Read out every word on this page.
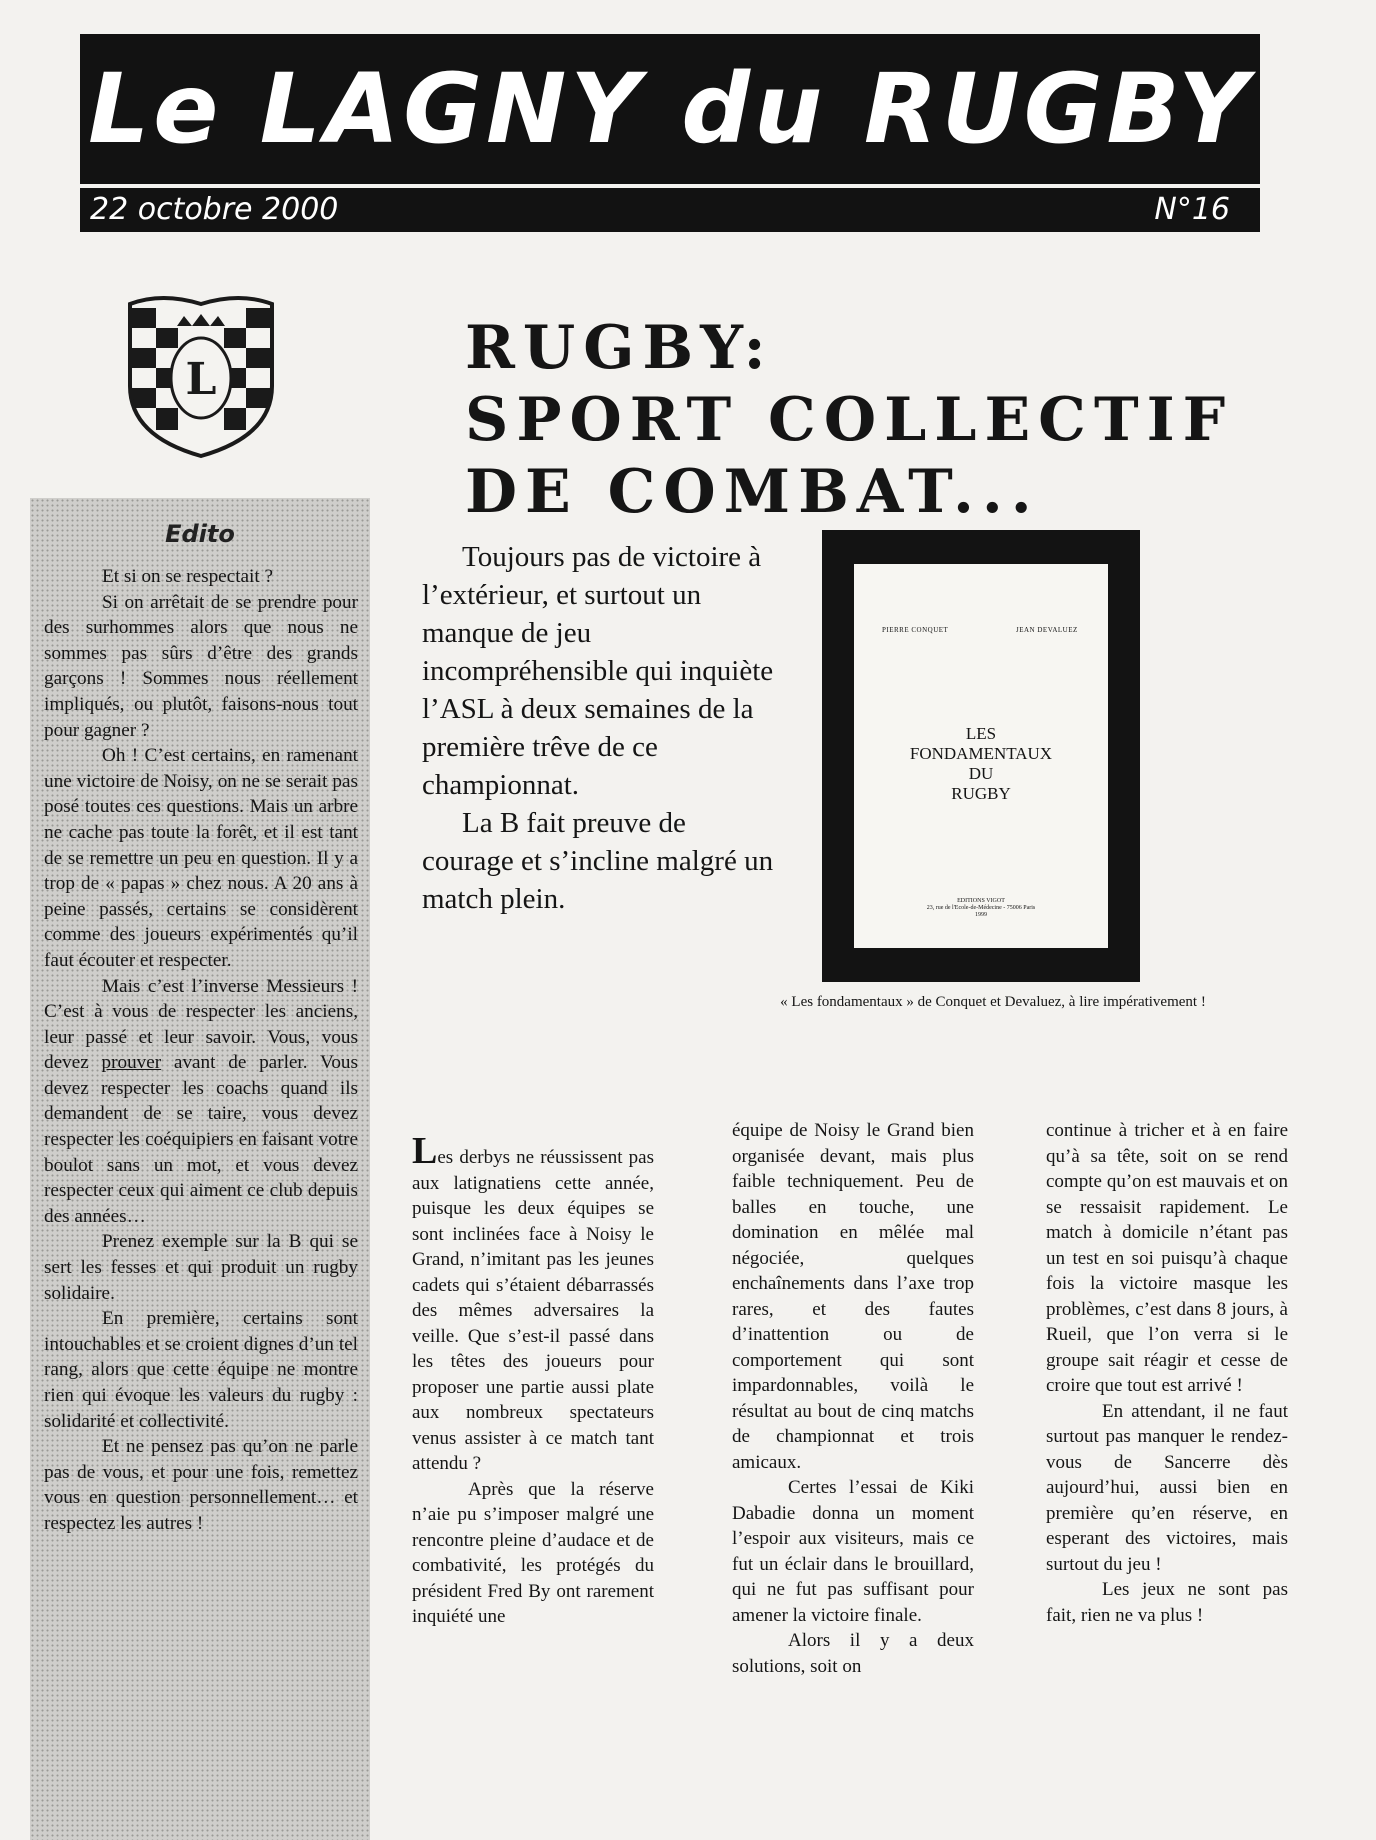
Le LAGNY du RUGBY
22 octobre 2000	N°16
L	RUGBY:
SPORT COLLECTIF
DE COMBAT...

Toujours pas de victoire à l’extérieur, et surtout un manque de jeu incompréhensible qui inquiète l’ASL à deux semaines de la première trêve de ce championnat.

La B fait preuve de courage et s’incline malgré un match plein.

PIERRE CONQUET	JEAN DEVALUEZ
LES
FONDAMENTAUX
DU
RUGBY
EDITIONS VIGOT
23, rue de l'Ecole-de-Médecine - 75006 Paris
1999
« Les fondamentaux » de Conquet et Devaluez, à lire impérativement !
Edito

Et si on se respectait ?

Si on arrêtait de se prendre pour des surhommes alors que nous ne sommes pas sûrs d’être des grands garçons ! Sommes nous réellement impliqués, ou plutôt, faisons-nous tout pour gagner ?

Oh ! C’est certains, en ramenant une victoire de Noisy, on ne se serait pas posé toutes ces questions. Mais un arbre ne cache pas toute la forêt, et il est tant de se remettre un peu en question. Il y a trop de « papas » chez nous. A 20 ans à peine passés, certains se considèrent comme des joueurs expérimentés qu’il faut écouter et respecter.

Mais c’est l’inverse Messieurs ! C’est à vous de respecter les anciens, leur passé et leur savoir. Vous, vous devez prouver avant de parler. Vous devez respecter les coachs quand ils demandent de se taire, vous devez respecter les coéquipiers en faisant votre boulot sans un mot, et vous devez respecter ceux qui aiment ce club depuis des années…

Prenez exemple sur la B qui se sert les fesses et qui produit un rugby solidaire.

En première, certains sont intouchables et se croient dignes d’un tel rang, alors que cette équipe ne montre rien qui évoque les valeurs du rugby : solidarité et collectivité.

Et ne pensez pas qu’on ne parle pas de vous, et pour une fois, remettez vous en question personnellement… et respectez les autres !

Les derbys ne réussissent pas aux latignatiens cette année, puisque les deux équipes se sont inclinées face à Noisy le Grand, n’imitant pas les jeunes cadets qui s’étaient débarrassés des mêmes adversaires la veille. Que s’est-il passé dans les têtes des joueurs pour proposer une partie aussi plate aux nombreux spectateurs venus assister à ce match tant attendu ?

Après que la réserve n’aie pu s’imposer malgré une rencontre pleine d’audace et de combativité, les protégés du président Fred By ont rarement inquiété une

équipe de Noisy le Grand bien organisée devant, mais plus faible techniquement. Peu de balles en touche, une domination en mêlée mal négociée, quelques enchaînements dans l’axe trop rares, et des fautes d’inattention ou de comportement qui sont impardonnables, voilà le résultat au bout de cinq matchs de championnat et trois amicaux.

Certes l’essai de Kiki Dabadie donna un moment l’espoir aux visiteurs, mais ce fut un éclair dans le brouillard, qui ne fut pas suffisant pour amener la victoire finale.

Alors il y a deux solutions, soit on

continue à tricher et à en faire qu’à sa tête, soit on se rend compte qu’on est mauvais et on se ressaisit rapidement. Le match à domicile n’étant pas un test en soi puisqu’à chaque fois la victoire masque les problèmes, c’est dans 8 jours, à Rueil, que l’on verra si le groupe sait réagir et cesse de croire que tout est arrivé !

En attendant, il ne faut surtout pas manquer le rendez-vous de Sancerre dès aujourd’hui, aussi bien en première qu’en réserve, en esperant des victoires, mais surtout du jeu !

Les jeux ne sont pas fait, rien ne va plus !
